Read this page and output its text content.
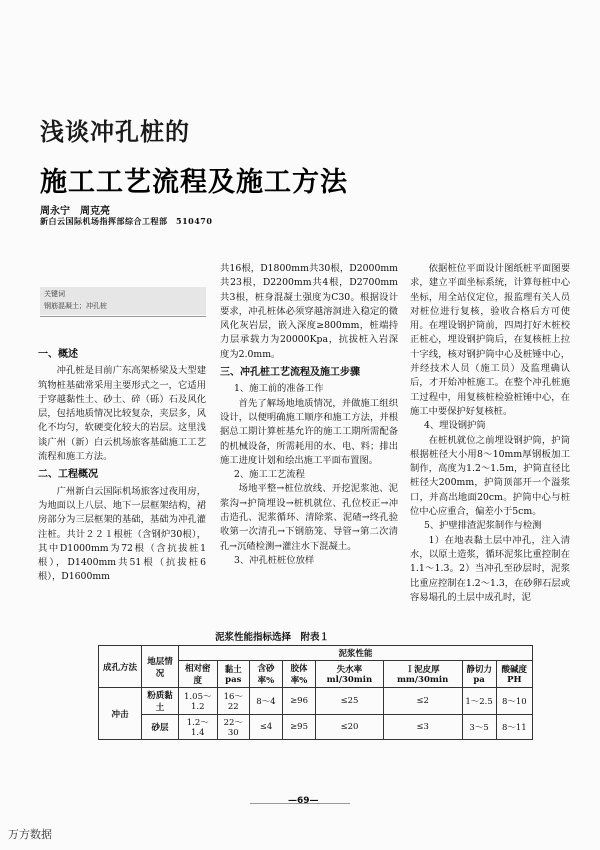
浅谈冲孔桩的
施工工艺流程及施工方法
周永宁　周克亮
新白云国际机场指挥部综合工程部　510470
关键词
钢筋混凝土；冲孔桩

一、概述

冲孔桩是目前广东高架桥梁及大型建筑物桩基础常采用主要形式之一，它适用于穿越黏性土、砂土、碎（砾）石及风化层，包括地质情况比较复杂，夹层多，风化不均匀，软硬变化较大的岩层。这里浅谈广州（新）白云机场旅客基础施工工艺流程和施工方法。

二、工程概况

广州新白云国际机场旅客过夜用房，为地面以上八层、地下一层框架结构，裙房部分为三层框架的基础，基础为冲孔灌注桩。共计２２１根桩（含钢炉30根），其中D1000mm为72根（含抗拔桩1根），D1400mm共51根（抗拔桩6根），D1600mm

共16根，D1800mm共30根，D2000mm共23根，D2200mm共4根，D2700mm共3根，桩身混凝土强度为C30。根据设计要求，冲孔桩体必须穿越溶洞进入稳定的微风化灰岩层，嵌入深度≥800mm，桩端持力层承载力为20000Kpa，抗拔桩入岩深度为2.0mm。

三、冲孔桩工艺流程及施工步骤

1、施工前的准备工作

首先了解场地地质情况，并做施工组织设计，以便明确施工顺序和施工方法，并根据总工期计算桩基允许的施工工期所需配备的机械设备，所需耗用的水、电、料；排出施工进度计划和绘出施工平面布置图。

2、施工工艺流程

场地平整→桩位放线、开挖泥浆池、泥浆沟→护筒埋设→桩机就位、孔位校正→冲击造孔、泥浆循环、清除浆、泥碴→终孔验收第一次清孔→下钢筋笼、导管→第二次清孔→沉碴检测→灌注水下混凝土。

3、冲孔桩桩位放样

依据桩位平面设计图纸桩平面图要求，建立平面坐标系统，计算每桩中心坐标，用全站仪定位，报监理有关人员对桩位进行复核，验收合格后方可使用。在埋设钢护筒前，四周打好木桩校正桩心，埋设钢护筒后，在复核桩上拉十字线，核对钢护筒中心及桩锤中心，并经技术人员（施工员）及监理确认后，才开始冲桩施工。在整个冲孔桩施工过程中，用复核桩检验桩锤中心，在施工中要保护好复核桩。

4、埋设钢护筒

在桩机就位之前埋设钢护筒，护筒根据桩径大小用8～10mm厚钢板加工制作，高度为1.2～1.5m，护筒直径比桩径大200mm，护筒顶部开一个溢浆口，并高出地面20cm。护筒中心与桩位中心应重合，偏差小于5cm。

5、护壁排渣泥浆制作与检测

1）在地表黏土层中冲孔，注入清水，以原土造浆，循环泥浆比重控制在1.1～1.3。2）当冲孔至砂层时，泥浆比重应控制在1.2～1.3，在砂卵石层或容易塌孔的土层中成孔时，泥

泥浆性能指标选择　附表１
成孔方法	地层情况	泥浆性能							
		相对密度	黏土pas	含砂率%	胶体率%	失水率ml/30min	Ｉ泥皮厚mm/30min	静切力pa	酸碱度PH
冲击	粉质黏土	1.05～1.2	16～22	8～4	≥96	≤25	≤2	1～2.5	8～10
	砂层	1.2～1.4	22～30	≤4	≥95	≤20	≤3	3～5	8～11
—69—
万方数据
